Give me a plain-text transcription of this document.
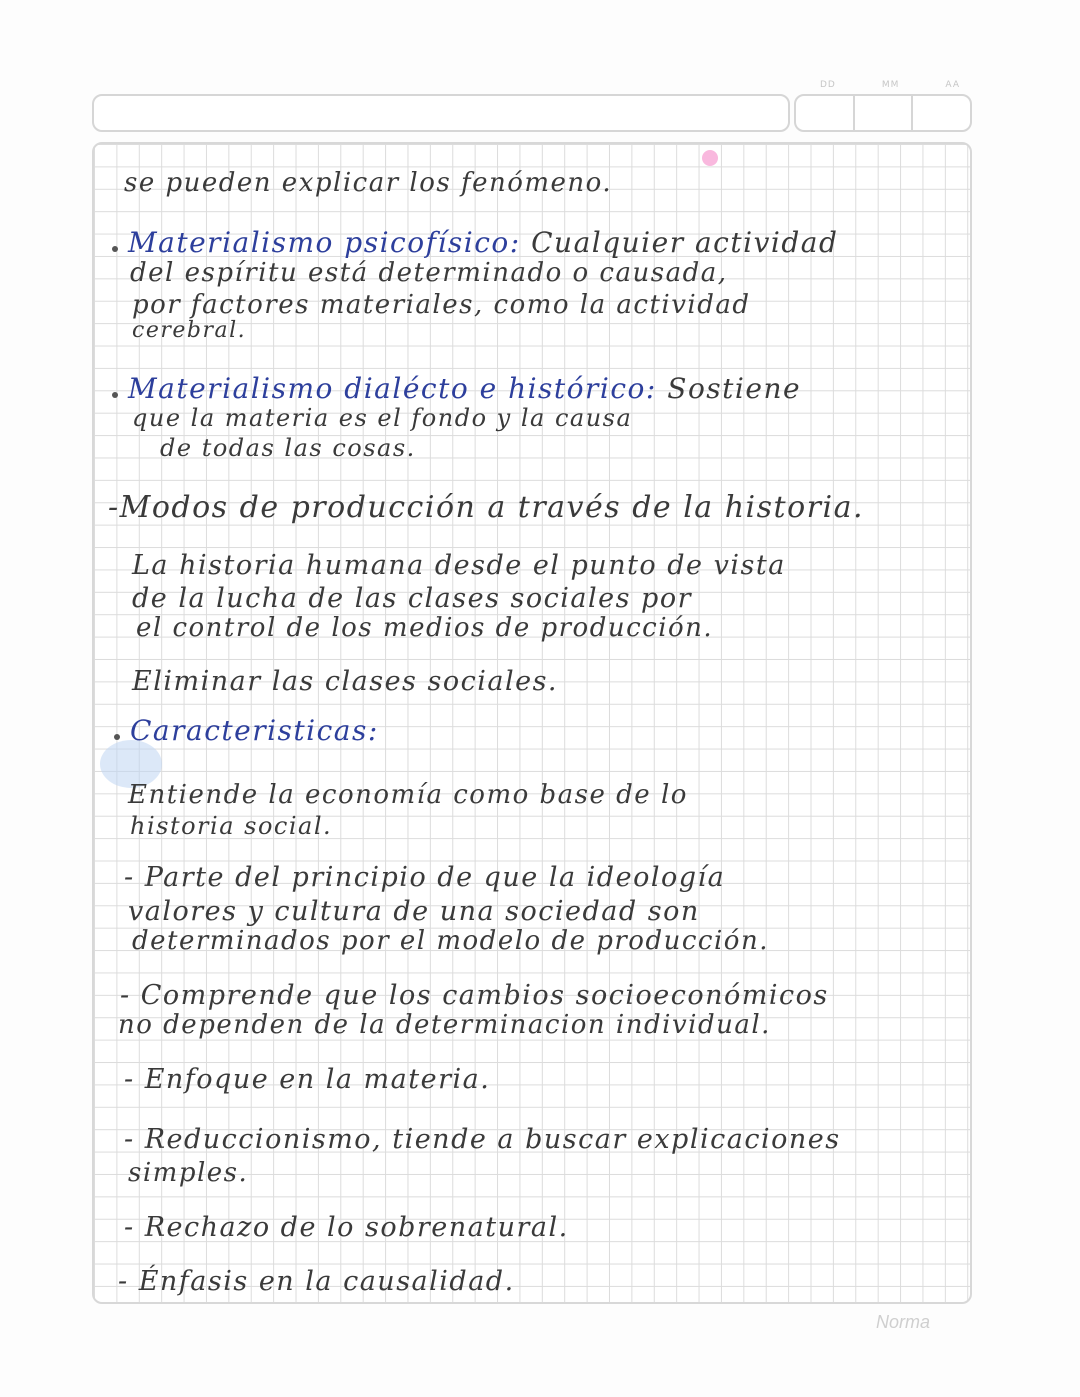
DD	MM	AA
se pueden explicar los fenómeno.
Materialismo psicofísico: Cualquier actividad
del espíritu está determinado o causada,
por factores materiales, como la actividad
cerebral.
Materialismo dialécto e histórico: Sostiene
que la materia es el fondo y la causa
de todas las cosas.
-Modos de producción a través de la historia.
La historia humana desde el punto de vista
de la lucha de las clases sociales por
el control de los medios de producción.
Eliminar las clases sociales.
Caracteristicas:
Entiende la economía como base de lo
historia social.
- Parte del principio de que la ideología
valores y cultura de una sociedad son
determinados por el modelo de producción.
- Comprende que los cambios socioeconómicos
no dependen de la determinacion individual.
- Enfoque en la materia.
- Reduccionismo, tiende a buscar explicaciones
simples.
- Rechazo de lo sobrenatural.
- Énfasis en la causalidad.
Norma
